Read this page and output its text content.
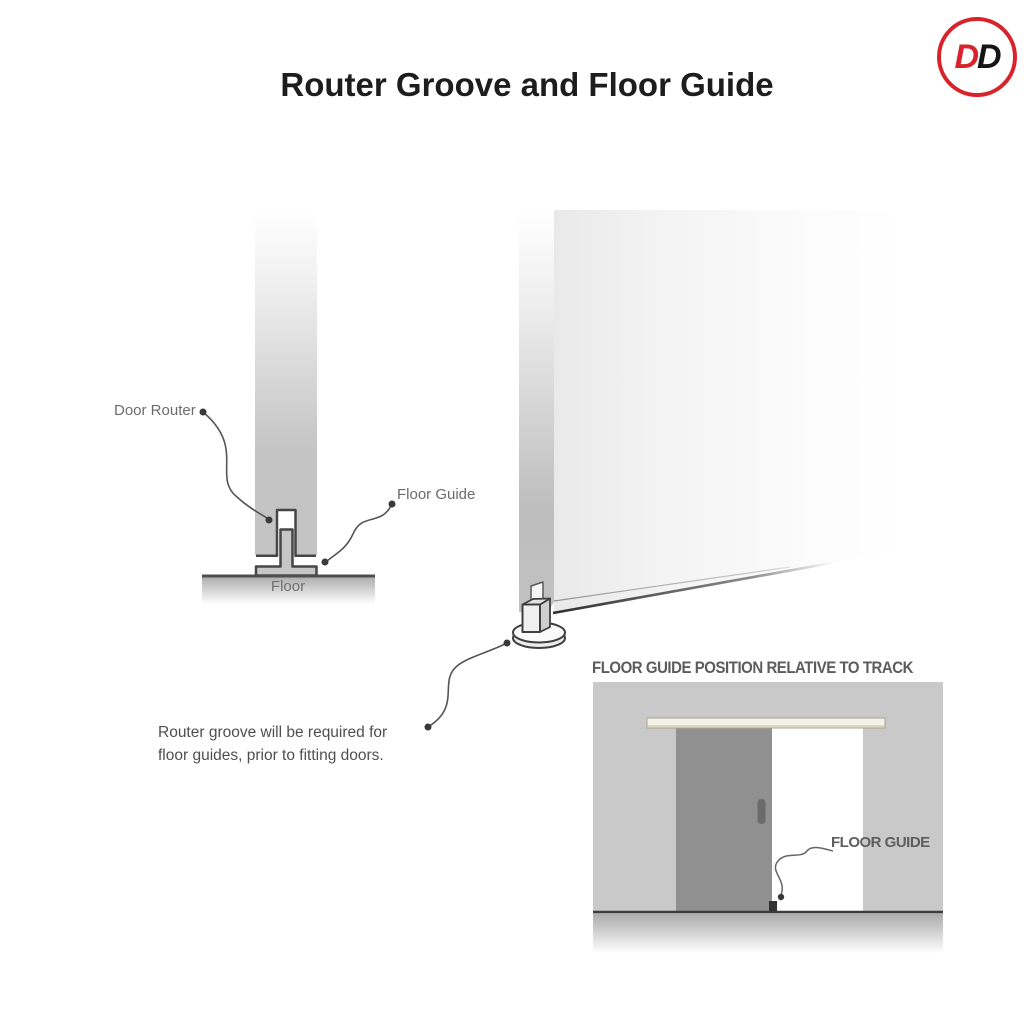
Router Groove and Floor Guide
D D
Door Router
Floor Guide
Floor
Router groove will be required for
floor guides, prior to fitting doors.
FLOOR GUIDE POSITION RELATIVE TO TRACK
FLOOR GUIDE
